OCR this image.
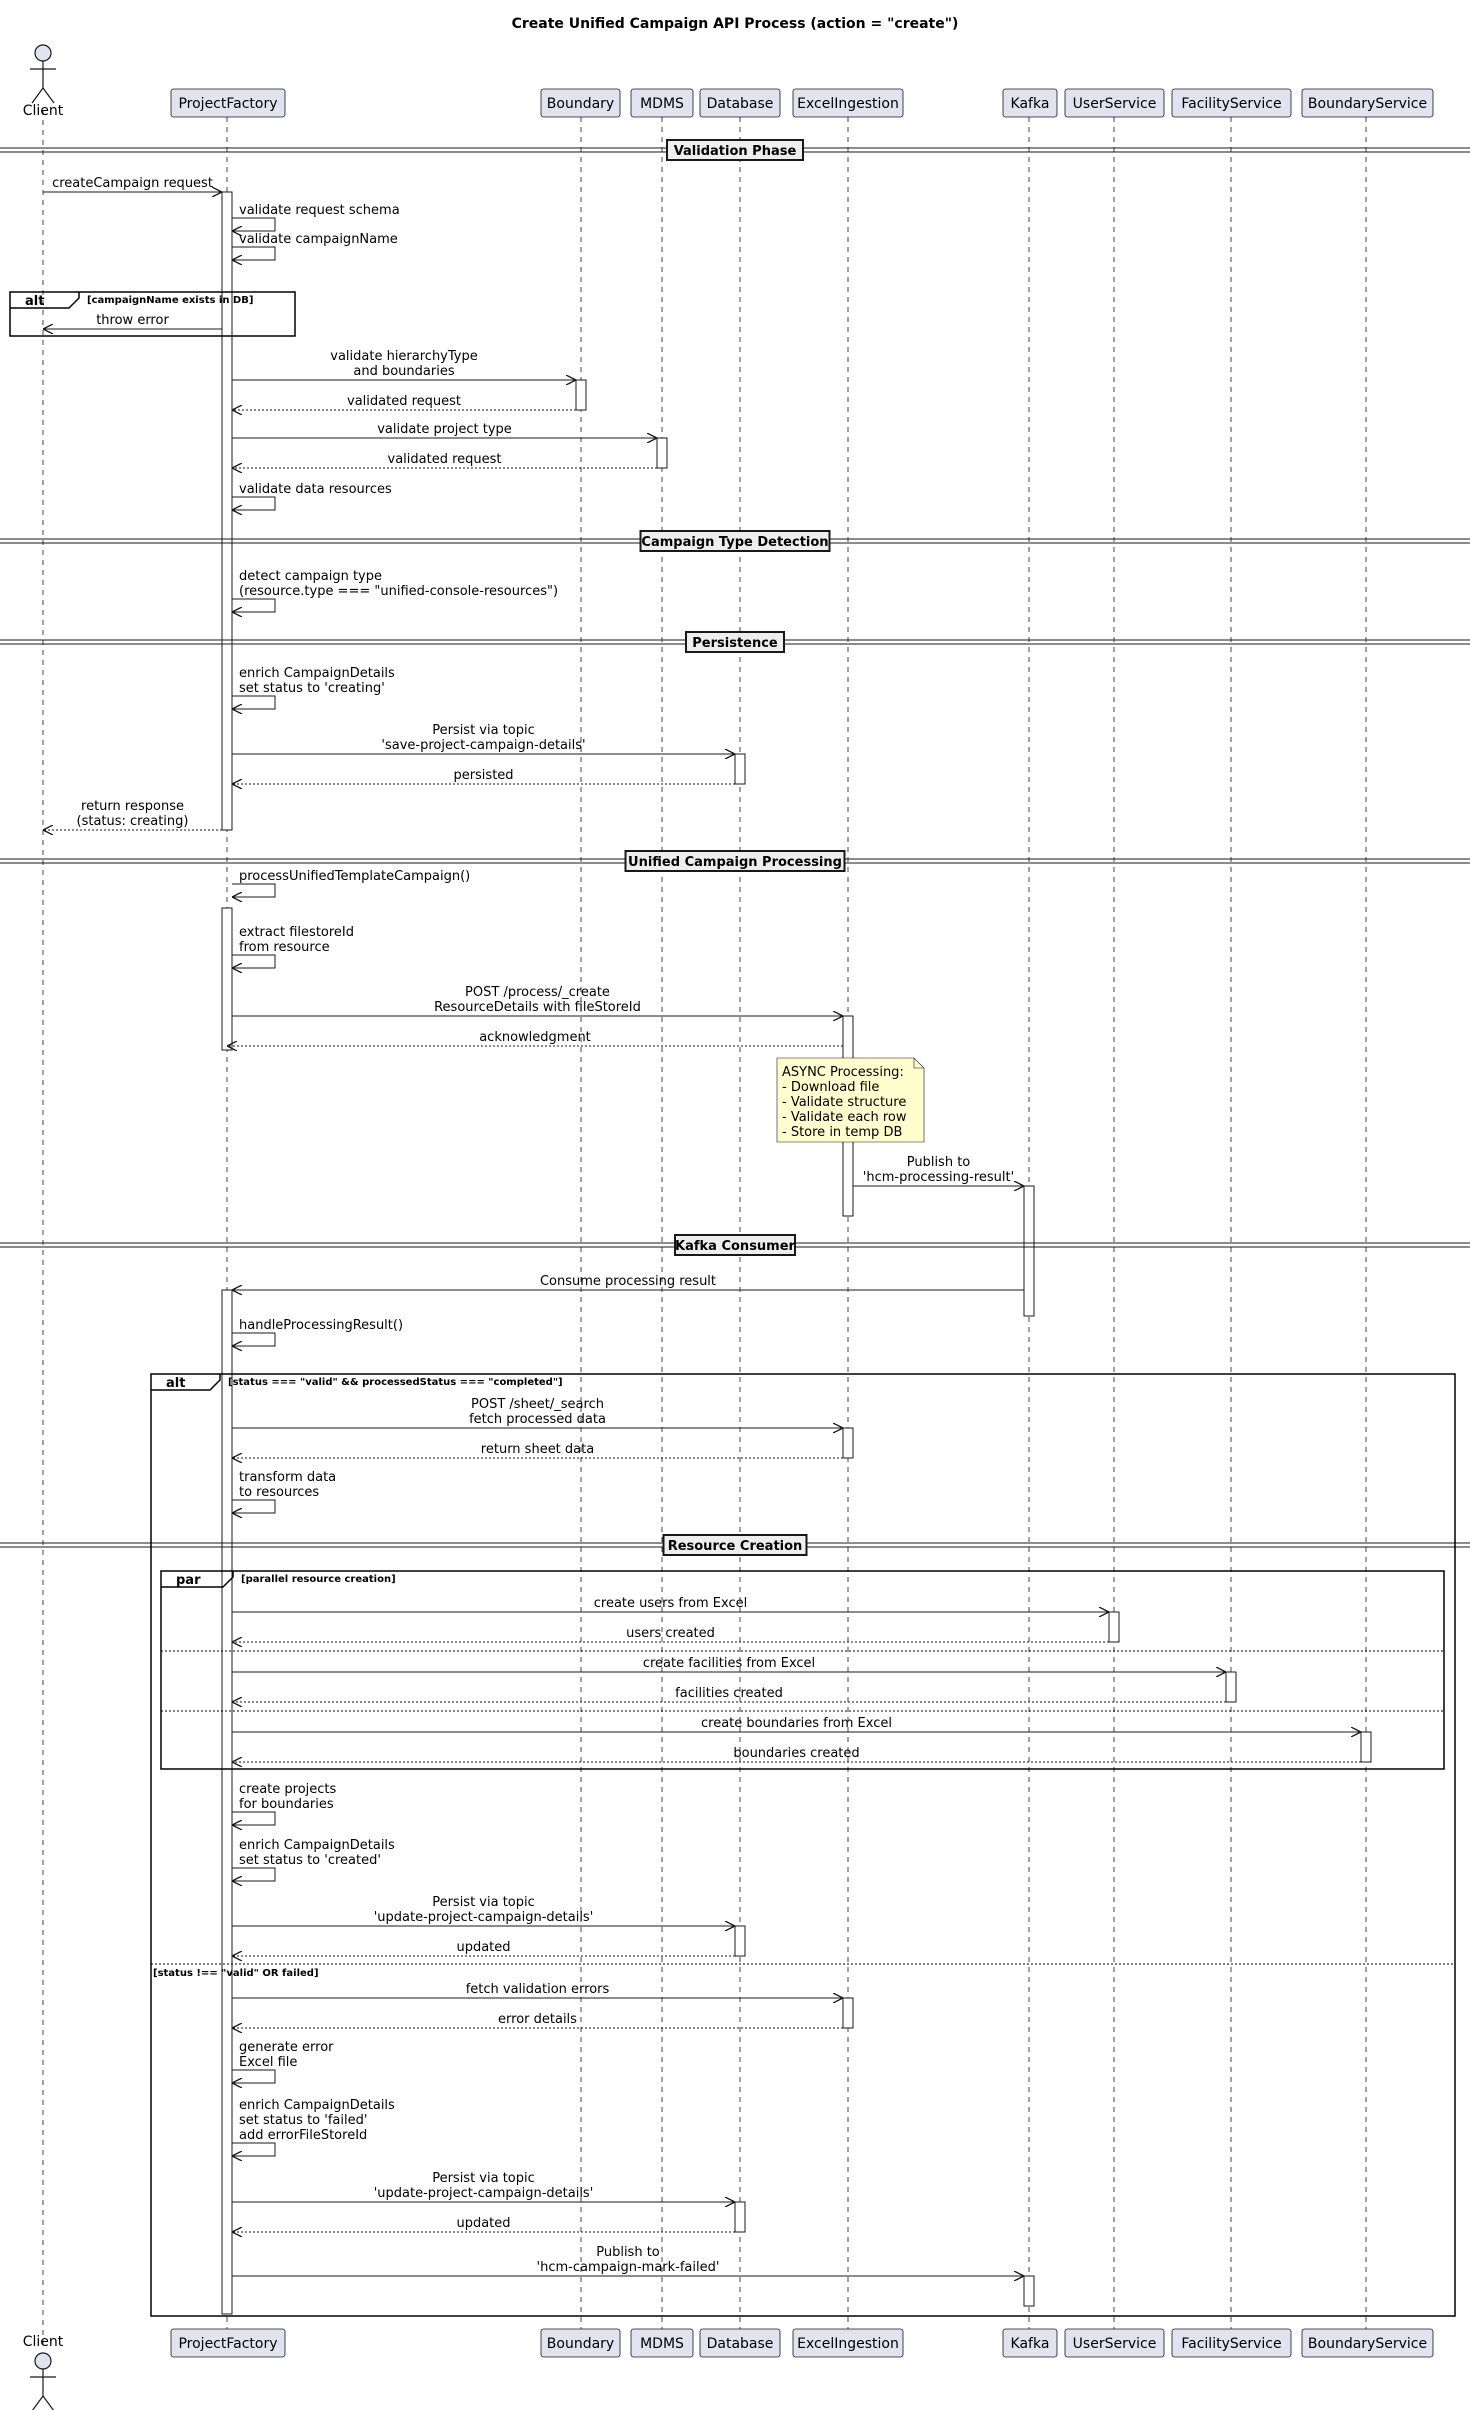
Create Unified Campaign API Process (action = "create")
Client
Client
ProjectFactory
ProjectFactory
Boundary
Boundary
MDMS
MDMS
Database
Database
ExcelIngestion
ExcelIngestion
Kafka
Kafka
UserService
UserService
FacilityService
FacilityService
BoundaryService
BoundaryService
Validation Phase
Campaign Type Detection
Persistence
Unified Campaign Processing
Kafka Consumer
Resource Creation
alt	[campaignName exists in DB]
alt	[status === "valid" && processedStatus === "completed"]
[status !== "valid" OR failed]
par	[parallel resource creation]
createCampaign request
validate request schema
validate campaignName
throw error
validate hierarchyType
and boundaries
validated request
validate project type
validated request
validate data resources
detect campaign type
(resource.type === "unified-console-resources")
enrich CampaignDetails
set status to 'creating'
Persist via topic
'save-project-campaign-details'
persisted
return response
(status: creating)
processUnifiedTemplateCampaign()
extract filestoreId
from resource
POST /process/_create
ResourceDetails with fileStoreId
acknowledgment
ASYNC Processing:
- Download file
- Validate structure
- Validate each row
- Store in temp DB
Publish to
'hcm-processing-result'
Consume processing result
handleProcessingResult()
POST /sheet/_search
fetch processed data
return sheet data
transform data
to resources
create users from Excel
users created
create facilities from Excel
facilities created
create boundaries from Excel
boundaries created
create projects
for boundaries
enrich CampaignDetails
set status to 'created'
Persist via topic
'update-project-campaign-details'
updated
fetch validation errors
error details
generate error
Excel file
enrich CampaignDetails
set status to 'failed'
add errorFileStoreId
Persist via topic
'update-project-campaign-details'
updated
Publish to
'hcm-campaign-mark-failed'
